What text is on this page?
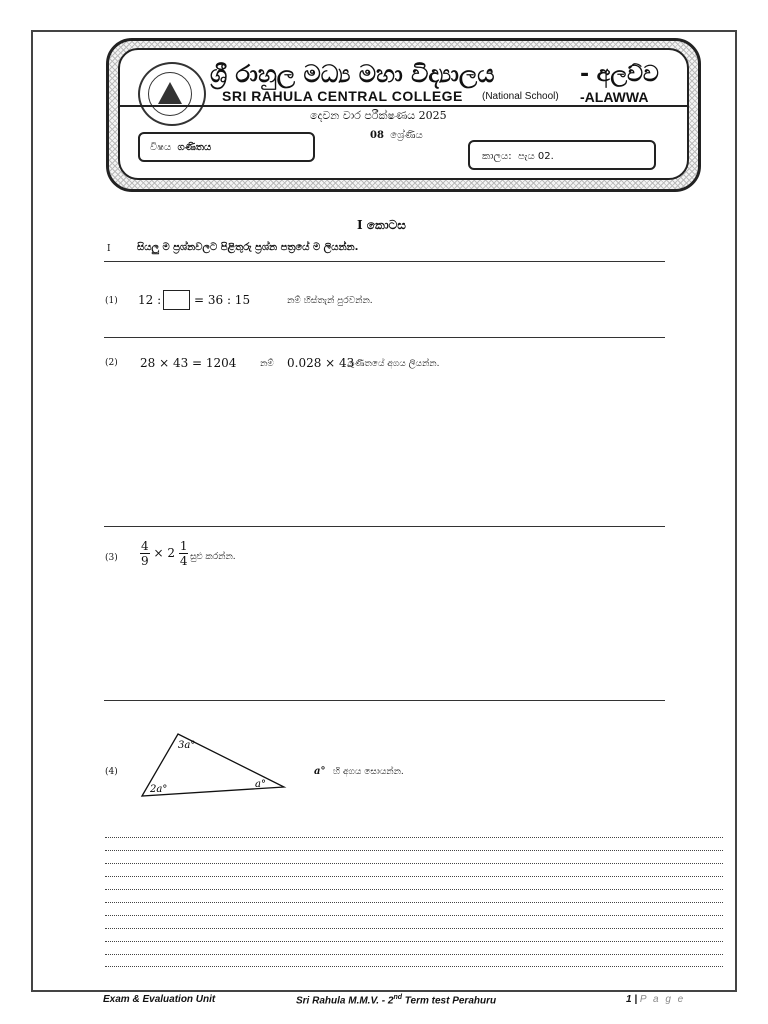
ශ්‍රී රාහුල මධ්‍ය මහා විද්‍යාලය	- අලව්ව
SRI RAHULA CENTRAL COLLEGE (National School) -ALAWWA
දෙවන වාර පරීක්ෂණය 2025
08 ශ්‍රේණිය
විෂය ගණිතය
කාලය: පැය 02.
I කොටස
I	සියලු ම ප්‍රශ්නවලට පිළිතුරු ප්‍රශ්න පත්‍රයේ ම ලියන්න.
(1) 12 :	= 36 : 15	නම් හිස්තැන් පුරවන්න.
(2) 28 × 43 = 1204	නම් 0.028 × 43
ගුණිතයේ අගය ලියන්න.
$(3) \frac{4}{9} \times 2 \frac{1}{4}$ සුළු කරන්න.
(4)
3a°
2a°	a°
a° හි අගය සොයන්න.
Exam & Evaluation Unit	Sri Rahula M.M.V. - 2nd Term test Perahuru	1 | P a g e
